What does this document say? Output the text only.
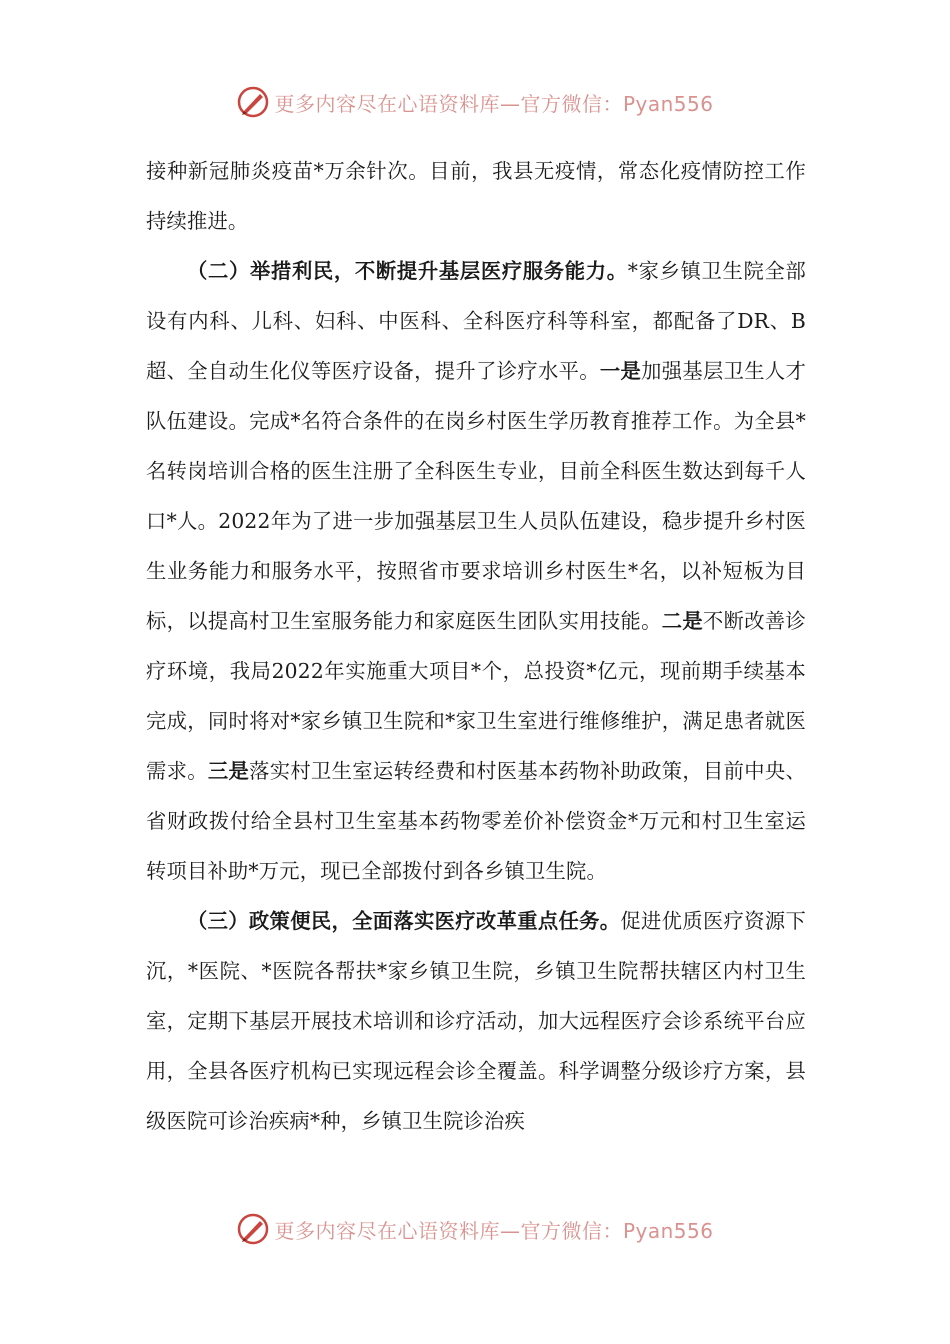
更多内容尽在心语资料库—官方微信：Pyan556

接种新冠肺炎疫苗*万余针次。目前，我县无疫情，常态化疫情防控工作持续推进。

（二）举措利民，不断提升基层医疗服务能力。*家乡镇卫生院全部设有内科、儿科、妇科、中医科、全科医疗科等科室，都配备了DR、B超、全自动生化仪等医疗设备，提升了诊疗水平。一是加强基层卫生人才队伍建设。完成*名符合条件的在岗乡村医生学历教育推荐工作。为全县*名转岗培训合格的医生注册了全科医生专业，目前全科医生数达到每千人口*人。2022年为了进一步加强基层卫生人员队伍建设，稳步提升乡村医生业务能力和服务水平，按照省市要求培训乡村医生*名，以补短板为目标，以提高村卫生室服务能力和家庭医生团队实用技能。二是不断改善诊疗环境，我局2022年实施重大项目*个，总投资*亿元，现前期手续基本完成，同时将对*家乡镇卫生院和*家卫生室进行维修维护，满足患者就医需求。三是落实村卫生室运转经费和村医基本药物补助政策，目前中央、省财政拨付给全县村卫生室基本药物零差价补偿资金*万元和村卫生室运转项目补助*万元，现已全部拨付到各乡镇卫生院。

（三）政策便民，全面落实医疗改革重点任务。促进优质医疗资源下沉，*医院、*医院各帮扶*家乡镇卫生院，乡镇卫生院帮扶辖区内村卫生室，定期下基层开展技术培训和诊疗活动，加大远程医疗会诊系统平台应用，全县各医疗机构已实现远程会诊全覆盖。科学调整分级诊疗方案，县级医院可诊治疾病*种，乡镇卫生院诊治疾

更多内容尽在心语资料库—官方微信：Pyan556
